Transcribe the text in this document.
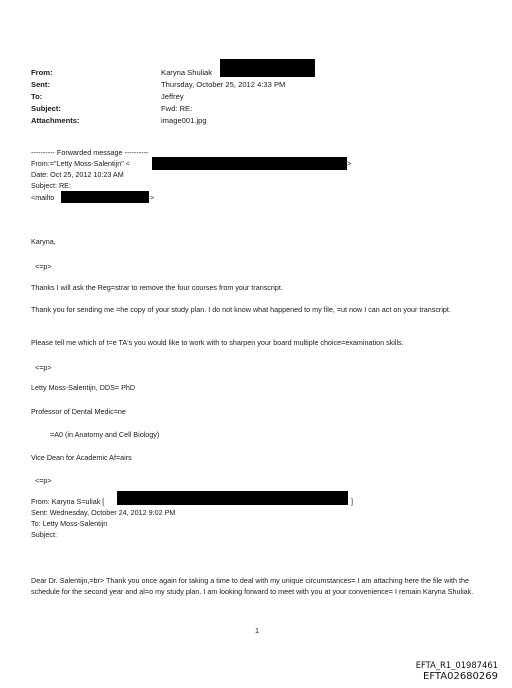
From:	Karyna Shuliak
Sent:	Thursday, October 25, 2012 4:33 PM
To:	Jeffrey
Subject:	Fwd: RE:
Attachments:	image001.jpg
---------- Forwarded message ----------
From:="Letty Moss-Salentijn" <	>
Date: Oct 25, 2012 10:23 AM
Subject: RE:
<mailto	>
Karyna,
<=p>
Thanks I will ask the Reg=strar to remove the four courses from your transcript.
Thank you for sending me =he copy of your study plan. I do not know what happened to my file, =ut now I can act on your transcript.
Please tell me which of t=e TA's you would like to work with to sharpen your board multiple choice=examination skills.
<=p>
Letty Moss-Salentijn, DDS= PhD
Professor of Dental Medic=ne
=A0 (in Anatomy and Cell Biology)
Vice Dean for Academic Af=airs
<=p>
From: Karyna S=uliak [	]
Sent: Wednesday, October 24, 2012 9:02 PM
To: Letty Moss-Salentijn
Subject:
Dear Dr. Salentijn,=br> Thank you once again for taking a time to deal with my unique circumstances= I am attaching here the file with the schedule for the second year and al=o my study plan. I am looking forward to meet with you at your convenience= I remain Karyna Shuliak.
1
EFTA_R1_01987461
EFTA02680269
